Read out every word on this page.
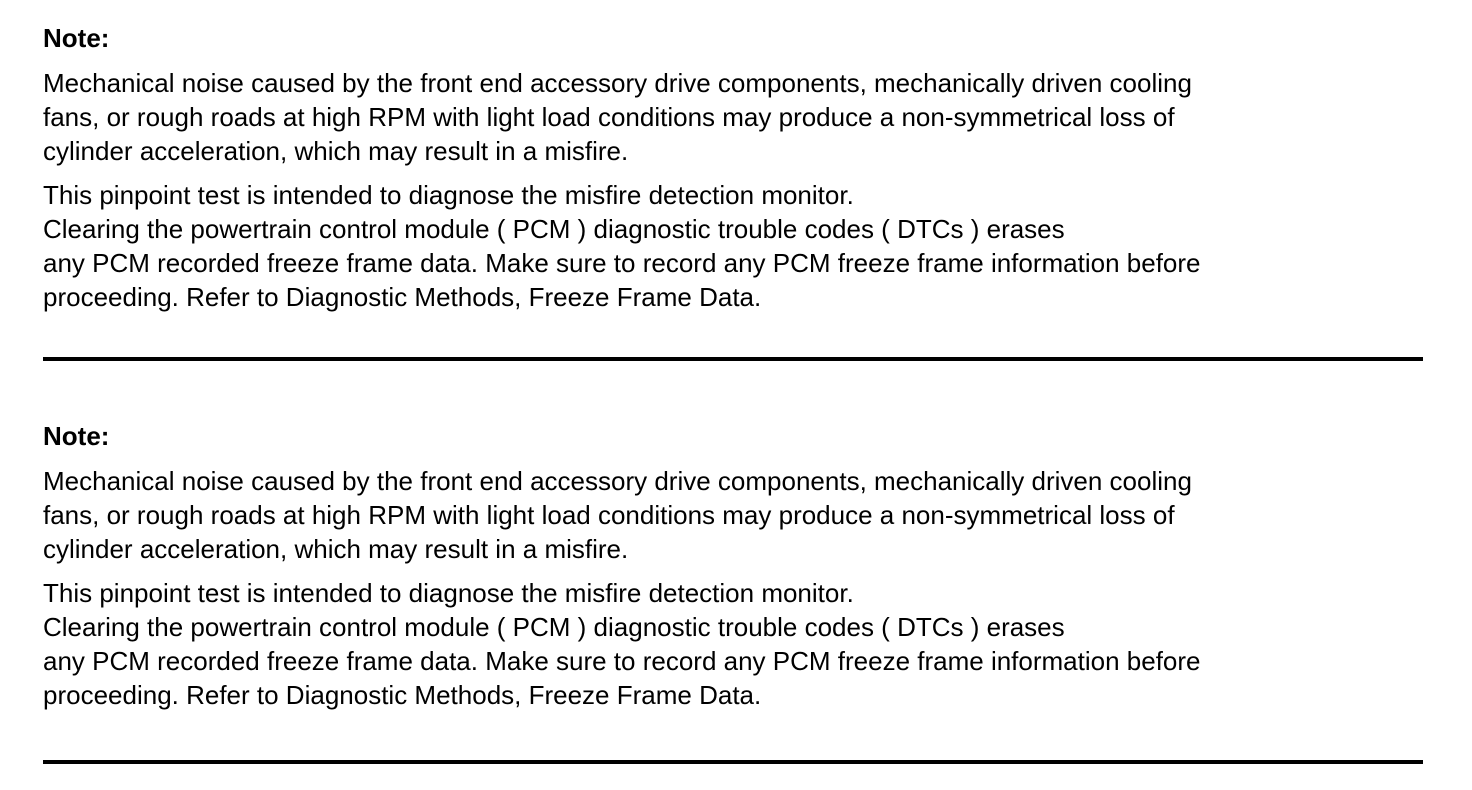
Note:
Mechanical noise caused by the front end accessory drive components, mechanically driven cooling
fans, or rough roads at high RPM with light load conditions may produce a non-symmetrical loss of
cylinder acceleration, which may result in a misfire.
This pinpoint test is intended to diagnose the misfire detection monitor.
Clearing the powertrain control module ( PCM ) diagnostic trouble codes ( DTCs ) erases
any PCM recorded freeze frame data. Make sure to record any PCM freeze frame information before
proceeding. Refer to Diagnostic Methods, Freeze Frame Data.
Note:
Mechanical noise caused by the front end accessory drive components, mechanically driven cooling
fans, or rough roads at high RPM with light load conditions may produce a non-symmetrical loss of
cylinder acceleration, which may result in a misfire.
This pinpoint test is intended to diagnose the misfire detection monitor.
Clearing the powertrain control module ( PCM ) diagnostic trouble codes ( DTCs ) erases
any PCM recorded freeze frame data. Make sure to record any PCM freeze frame information before
proceeding. Refer to Diagnostic Methods, Freeze Frame Data.
